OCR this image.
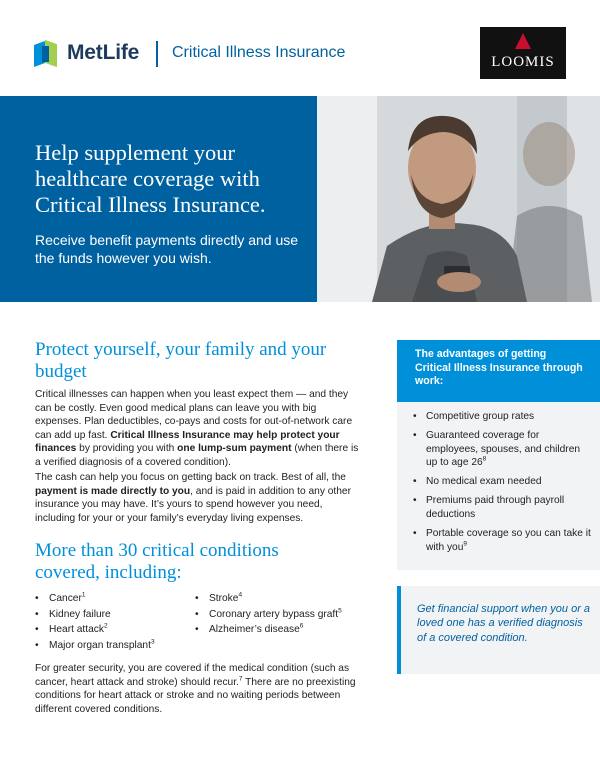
MetLife Critical Illness Insurance
LOOMIS
Help supplement your healthcare coverage with Critical Illness Insurance.
Receive benefit payments directly and use the funds however you wish.
Protect yourself, your family and your budget

Critical illnesses can happen when you least expect them — and they can be costly. Even good medical plans can leave you with big expenses. Plan deductibles, co-pays and costs for out-of-network care can add up fast. Critical Illness Insurance may help protect your finances by providing you with one lump-sum payment (when there is a verified diagnosis of a covered condition).

The cash can help you focus on getting back on track. Best of all, the payment is made directly to you, and is paid in addition to any other insurance you may have. It’s yours to spend however you need, including for your or your family’s everyday living expenses.

More than 30 critical conditions covered, including:
• Cancer$^1$
• Kidney failure
• Heart attack$^2$
• Major organ transplant$^3$
• Stroke$^4$
• Coronary artery bypass graft$^5$
• Alzheimer’s disease$^6$

For greater security, you are covered if the medical condition (such as cancer, heart attack and stroke) should recur.$^7$ There are no preexisting conditions for heart attack or stroke and no waiting periods between different covered conditions.

The advantages of getting Critical Illness Insurance through work:
• Competitive group rates
• Guaranteed coverage for employees, spouses, and children up to age $26^8$
• No medical exam needed
• Premiums paid through payroll deductions
• Portable coverage so you can take it with you$^9$
Get financial support when you or a loved one has a verified diagnosis of a covered condition.
